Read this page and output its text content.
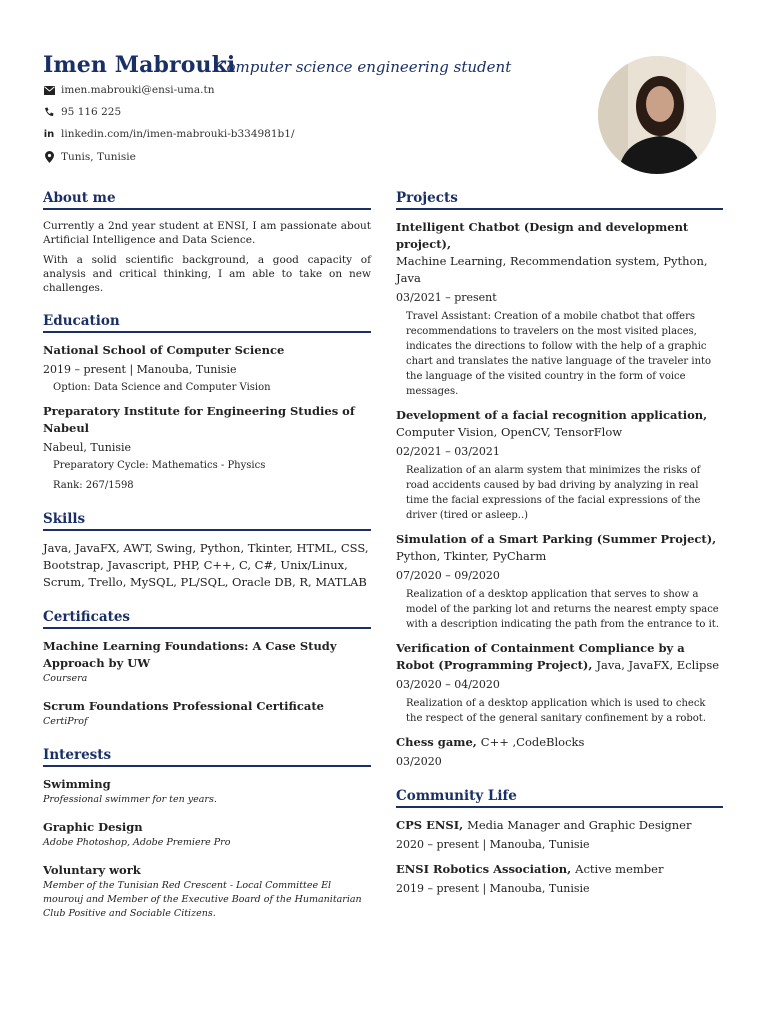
Imen Mabrouki
Computer science engineering student
imen.mabrouki@ensi-uma.tn
95 116 225
in linkedin.com/in/imen-mabrouki-b334981b1/
Tunis, Tunisie
About me

Currently a 2nd year student at ENSI, I am passionate about Artificial Intelligence and Data Science.

With a solid scientific background, a good capacity of analysis and critical thinking, I am able to take on new challenges.

Education
National School of Computer Science
2019 – present | Manouba, Tunisie
Option: Data Science and Computer Vision
Preparatory Institute for Engineering Studies of Nabeul
Nabeul, Tunisie
Preparatory Cycle: Mathematics - Physics
Rank: 267/1598
Skills
Java, JavaFX, AWT, Swing, Python, Tkinter, HTML, CSS, Bootstrap, Javascript, PHP, C++, C, C#, Unix/Linux, Scrum, Trello, MySQL, PL/SQL, Oracle DB, R, MATLAB
Certificates
Machine Learning Foundations: A Case Study Approach by UW
Coursera
Scrum Foundations Professional Certificate
CertiProf
Interests
Swimming
Professional swimmer for ten years.
Graphic Design
Adobe Photoshop, Adobe Premiere Pro
Voluntary work
Member of the Tunisian Red Crescent - Local Committee El mourouj and Member of the Executive Board of the Humanitarian Club Positive and Sociable Citizens.
Projects
Intelligent Chatbot (Design and development project),
Machine Learning, Recommendation system, Python, Java
03/2021 – present
Travel Assistant: Creation of a mobile chatbot that offers recommendations to travelers on the most visited places, indicates the directions to follow with the help of a graphic chart and translates the native language of the traveler into the language of the visited country in the form of voice messages.
Development of a facial recognition application,
Computer Vision, OpenCV, TensorFlow
02/2021 – 03/2021
Realization of an alarm system that minimizes the risks of road accidents caused by bad driving by analyzing in real time the facial expressions of the facial expressions of the driver (tired or asleep..)
Simulation of a Smart Parking (Summer Project),
Python, Tkinter, PyCharm
07/2020 – 09/2020
Realization of a desktop application that serves to show a model of the parking lot and returns the nearest empty space with a description indicating the path from the entrance to it.
Verification of Containment Compliance by a Robot (Programming Project), Java, JavaFX, Eclipse
03/2020 – 04/2020
Realization of a desktop application which is used to check the respect of the general sanitary confinement by a robot.
Chess game, C++ ,CodeBlocks
03/2020
Community Life
CPS ENSI, Media Manager and Graphic Designer
2020 – present | Manouba, Tunisie
ENSI Robotics Association, Active member
2019 – present | Manouba, Tunisie
